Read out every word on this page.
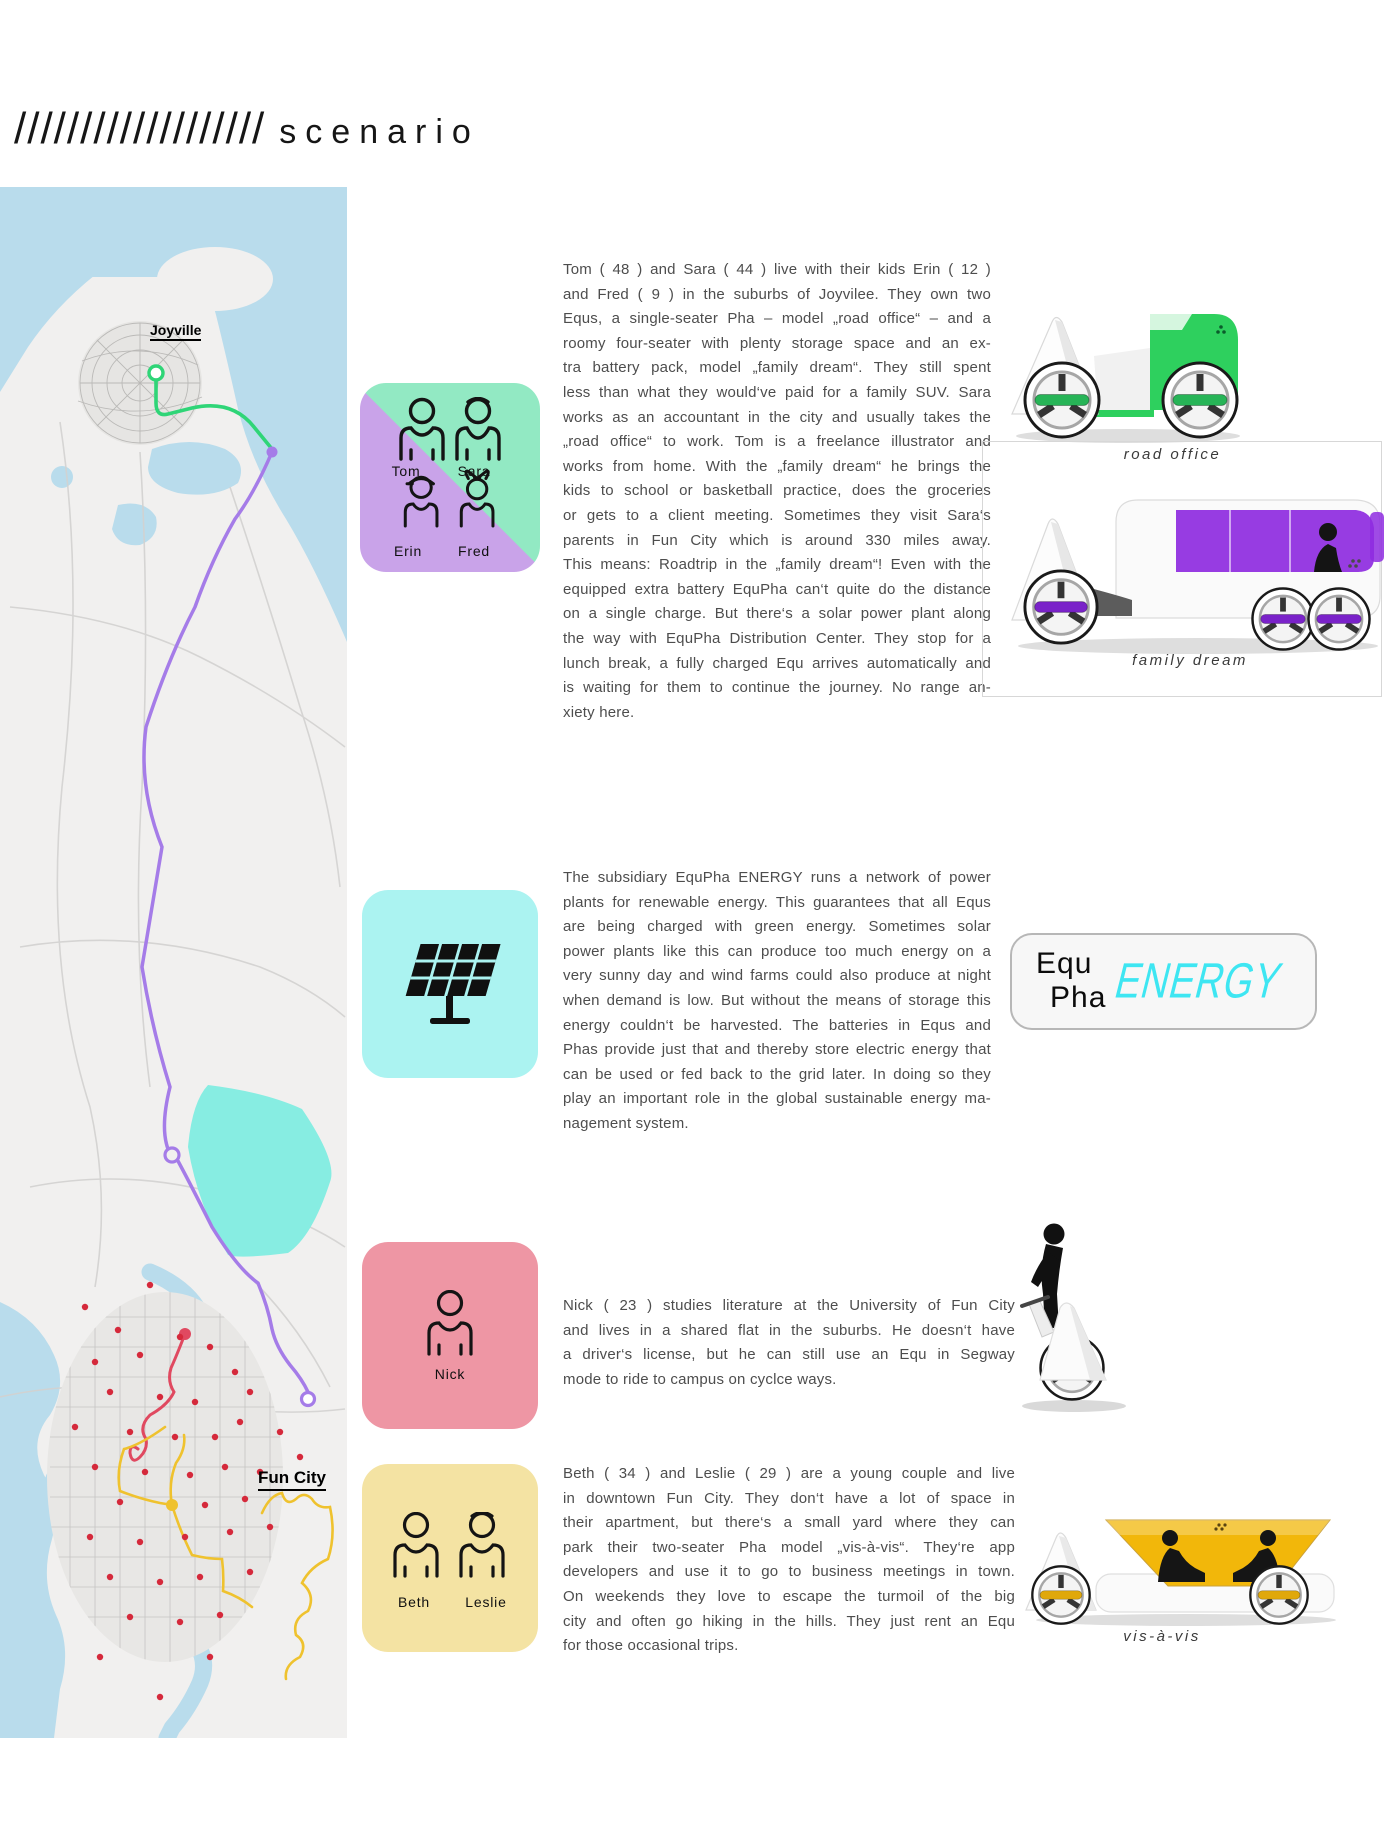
/////////////////// scenario
Joyville
Fun City
Tom	Sara
Erin	Fred
Tom ( 48 ) and Sara ( 44 ) live with their kids Erin ( 12 )
and Fred ( 9 ) in the suburbs of Joyvilee. They own two
Equs, a single-seater Pha – model „road office“ – and a
roomy four-seater with plenty storage space and an ex-
tra battery pack, model „family dream“. They still spent
less than what they would‘ve paid for a family SUV. Sara
works as an accountant in the city and usually takes the
„road office“ to work. Tom is a freelance illustrator and
works from home. With the „family dream“ he brings the
kids to school or basketball practice, does the groceries
or gets to a client meeting. Sometimes they visit Sara‘s
parents in Fun City which is around 330 miles away.
This means: Roadtrip in the „family dream“! Even with the
equipped extra battery EquPha can‘t quite do the distance
on a single charge. But there‘s a solar power plant along
the way with EquPha Distribution Center. They stop for a
lunch break, a fully charged Equ arrives automatically and
is waiting for them to continue the journey. No range an-
xiety here.
road office
family dream
The subsidiary EquPha ENERGY runs a network of power
plants for renewable energy. This guarantees that all Equs
are being charged with green energy. Sometimes solar
power plants like this can produce too much energy on a
very sunny day and wind farms could also produce at night
when demand is low. But without the means of storage this
energy couldn‘t be harvested. The batteries in Equs and
Phas provide just that and thereby store electric energy that
can be used or fed back to the grid later. In doing so they
play an important role in the global sustainable energy ma-
nagement system.
Equ
Pha ENERGY
Nick
Nick ( 23 ) studies literature at the University of Fun City
and lives in a shared flat in the suburbs. He doesn‘t have
a driver‘s license, but he can still use an Equ in Segway
mode to ride to campus on cyclce ways.
Beth	Leslie
Beth ( 34 ) and Leslie ( 29 ) are a young couple and live
in downtown Fun City. They don‘t have a lot of space in
their apartment, but there‘s a small yard where they can
park their two-seater Pha model „vis-à-vis“. They‘re app
developers and use it to go to business meetings in town.
On weekends they love to escape the turmoil of the big
city and often go hiking in the hills. They just rent an Equ
for those occasional trips.
vis-à-vis
